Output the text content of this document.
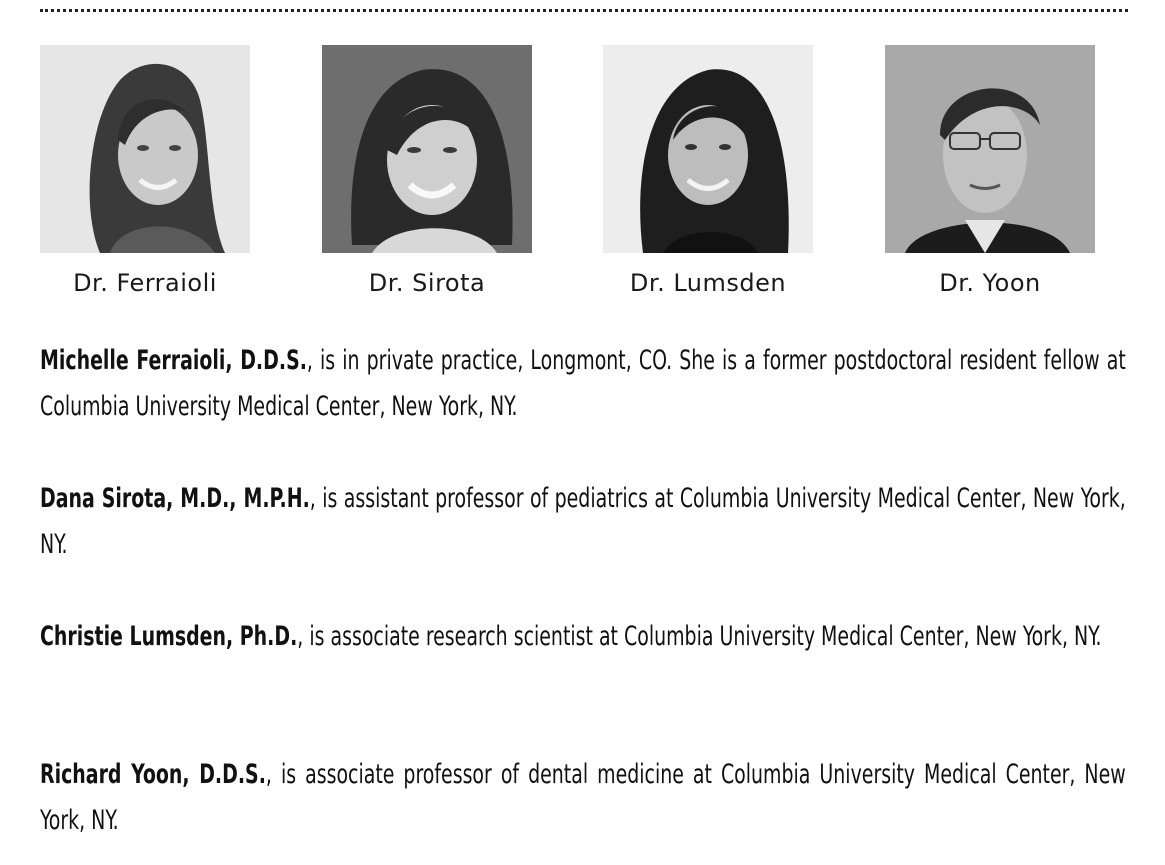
Dr. Ferraioli	Dr. Sirota	Dr. Lumsden	Dr. Yoon

Michelle Ferraioli, D.D.S., is in private practice, Longmont, CO. She is a former postdoctoral resident fellow at Columbia University Medical Center, New York, NY.

Dana Sirota, M.D., M.P.H., is assistant professor of pediatrics at Columbia University Medical Center, New York, NY.

Christie Lumsden, Ph.D., is associate research scientist at Columbia University Medical Center, New York, NY.

Richard Yoon, D.D.S., is associate professor of dental medicine at Columbia University Medical Center, New York, NY.
